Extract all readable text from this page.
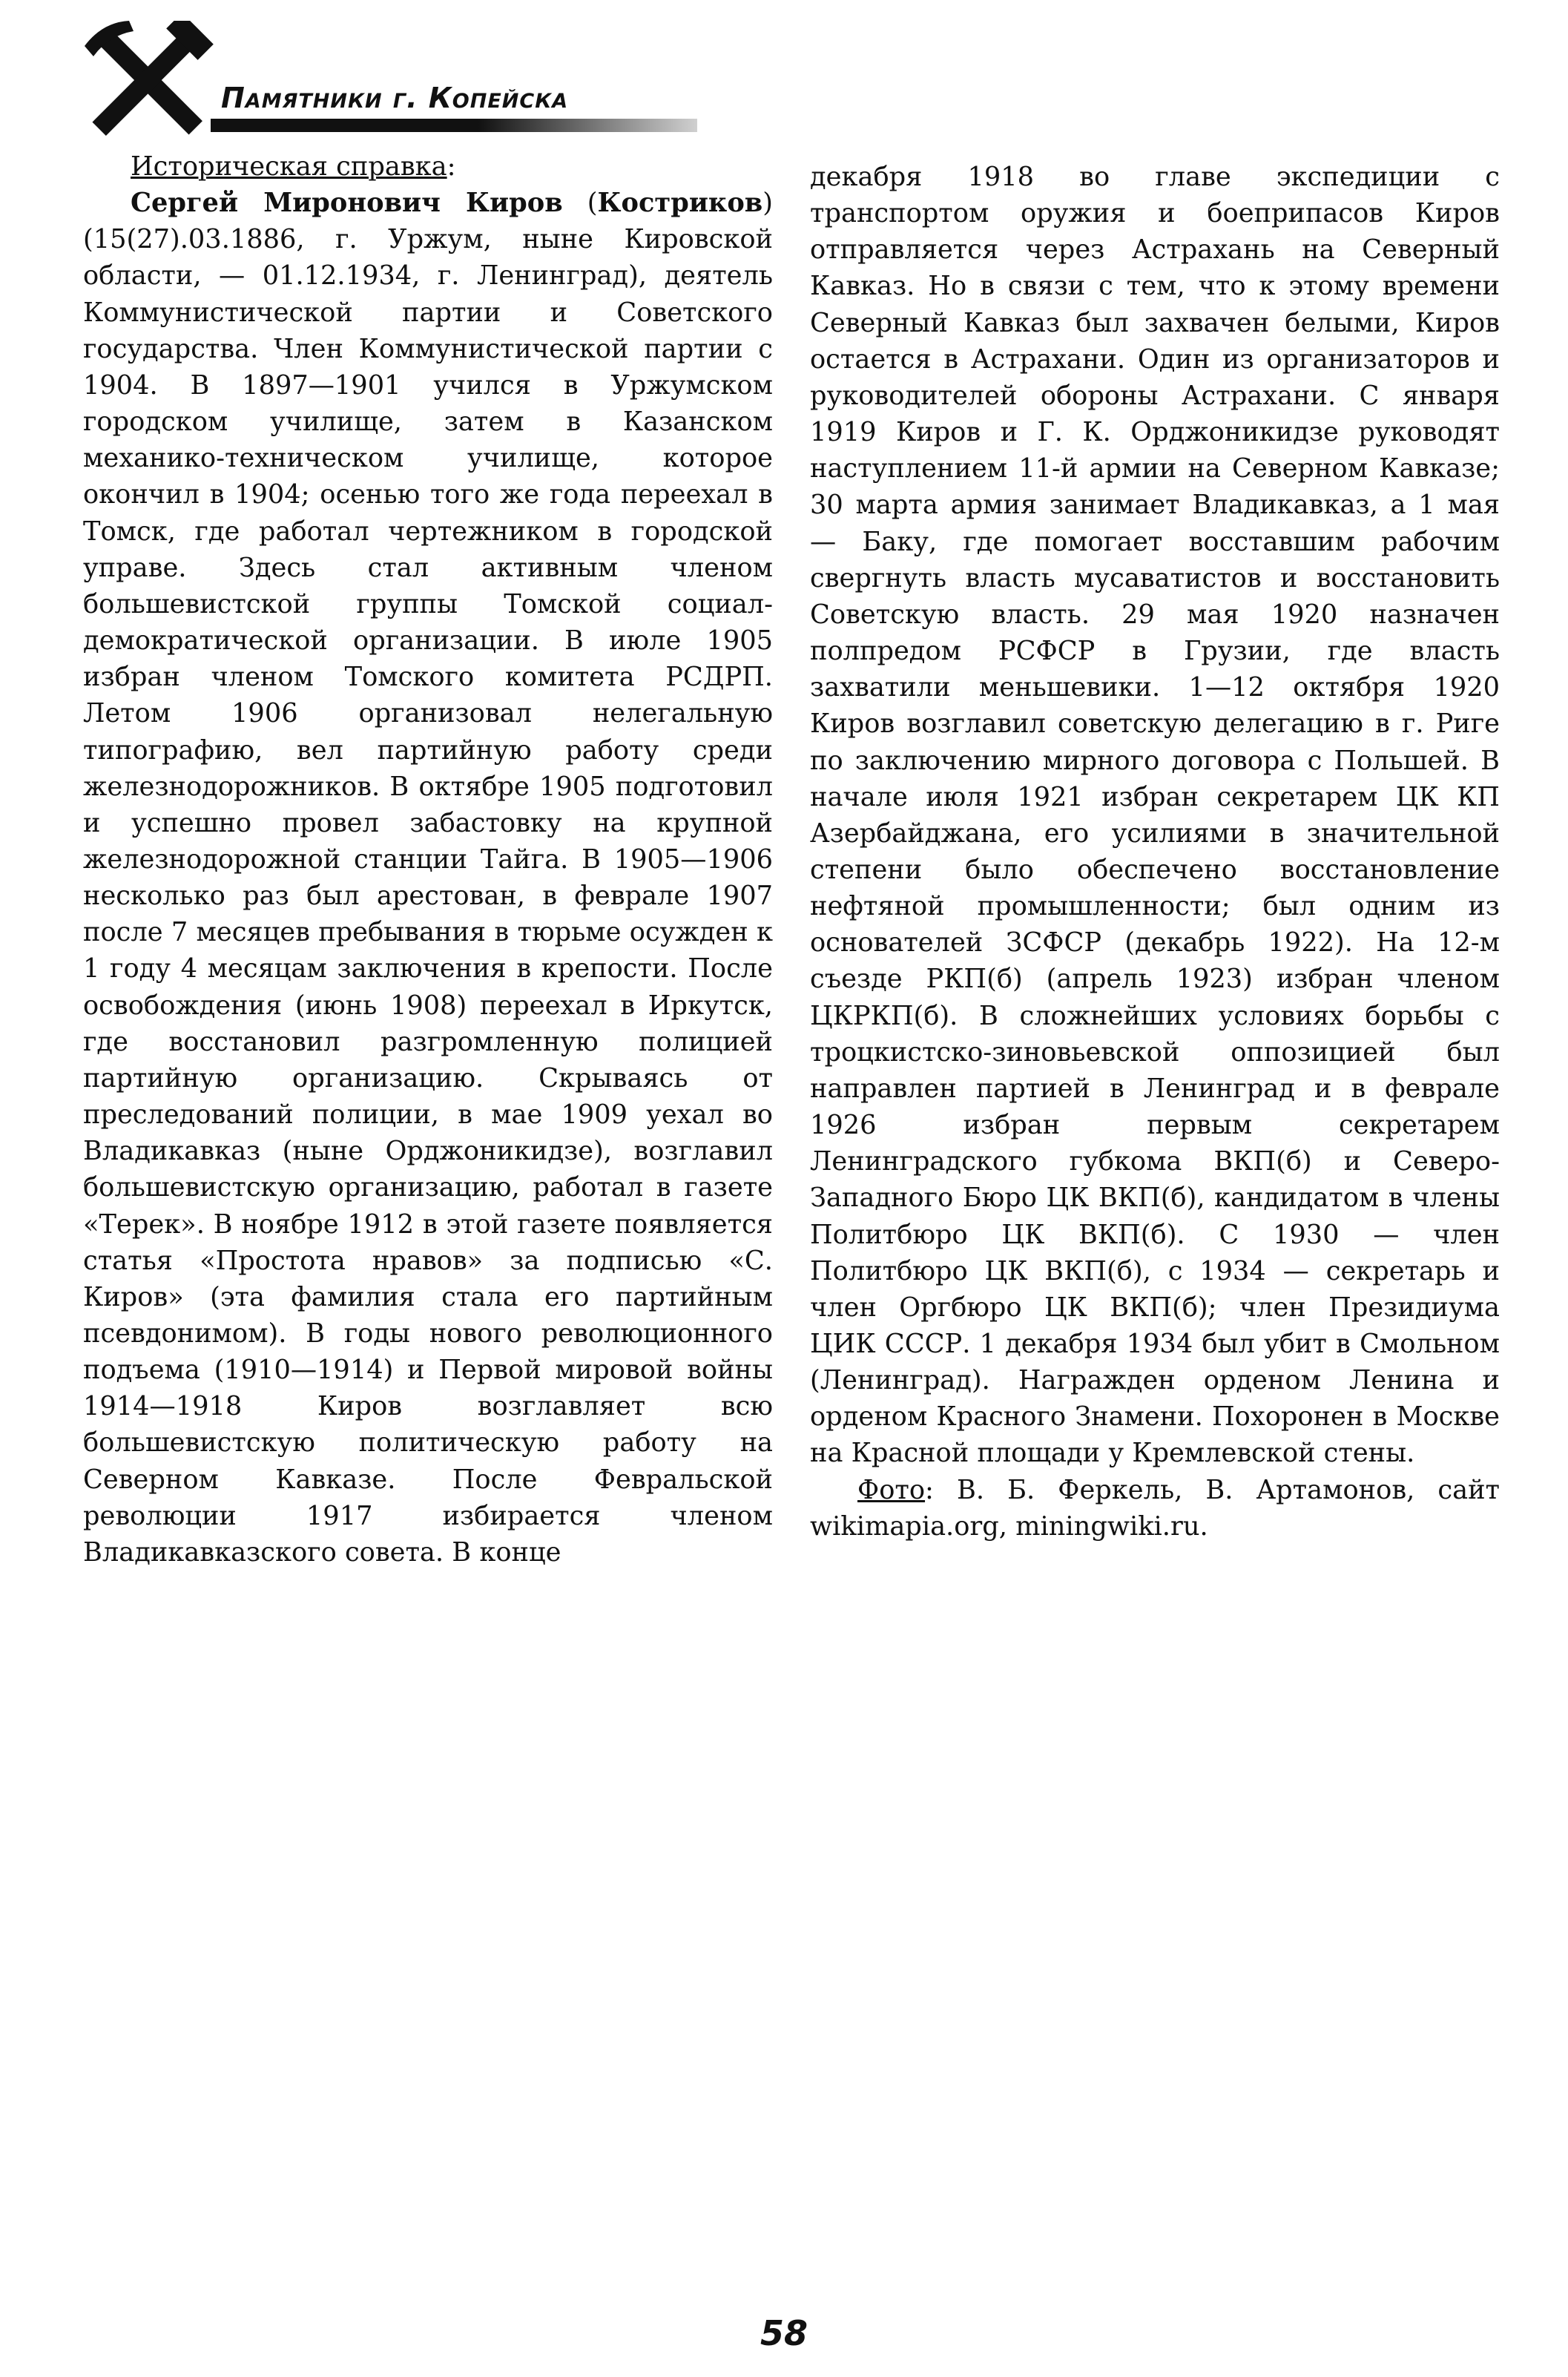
Памятники г. Копейска

Историческая справка:

Сергей Миронович Киров (Костриков) (15(27).03.1886, г. Уржум, ныне Кировской области, — 01.12.1934, г. Ленинград), деятель Коммунистической партии и Советского государства. Член Коммунистической партии с 1904. В 1897—1901 учился в Уржумском городском училище, затем в Казанском механико-техническом училище, которое окончил в 1904; осенью того же года переехал в Томск, где работал чертежником в городской управе. Здесь стал активным членом большевистской группы Томской социал-демократической организации. В июле 1905 избран членом Томского комитета РСДРП. Летом 1906 организовал нелегальную типографию, вел партийную работу среди железнодорожников. В октябре 1905 подготовил и успешно провел забастовку на крупной железнодорожной станции Тайга. В 1905—1906 несколько раз был арестован, в феврале 1907 после 7 месяцев пребывания в тюрьме осужден к 1 году 4 месяцам заключения в крепости. После освобождения (июнь 1908) переехал в Иркутск, где восстановил разгромленную полицией партийную организацию. Скрываясь от преследований полиции, в мае 1909 уехал во Владикавказ (ныне Орджоникидзе), возглавил большевистскую организацию, работал в газете «Терек». В ноябре 1912 в этой газете появляется статья «Простота нравов» за подписью «С. Киров» (эта фамилия стала его партийным псевдонимом). В годы нового революционного подъема (1910—1914) и Первой мировой войны 1914—1918 Киров возглавляет всю большевистскую политическую работу на Северном Кавказе. После Февральской революции 1917 избирается членом Владикавказского совета. В конце

декабря 1918 во главе экспедиции с транспортом оружия и боеприпасов Киров отправляется через Астрахань на Северный Кавказ. Но в связи с тем, что к этому времени Северный Кавказ был захвачен белыми, Киров остается в Астрахани. Один из организаторов и руководителей обороны Астрахани. С января 1919 Киров и Г. К. Орджоникидзе руководят наступлением 11-й армии на Северном Кавказе; 30 марта армия занимает Владикавказ, а 1 мая — Баку, где помогает восставшим рабочим свергнуть власть мусаватистов и восстановить Советскую власть. 29 мая 1920 назначен полпредом РСФСР в Грузии, где власть захватили меньшевики. 1—12 октября 1920 Киров возглавил советскую делегацию в г. Риге по заключению мирного договора с Польшей. В начале июля 1921 избран секретарем ЦК КП Азербайджана, его усилиями в значительной степени было обеспечено восстановление нефтяной промышленности; был одним из основателей ЗСФСР (декабрь 1922). На 12-м съезде РКП(б) (апрель 1923) избран членом ЦКРКП(б). В сложнейших условиях борьбы с троцкистско-зиновьевской оппозицией был направлен партией в Ленинград и в феврале 1926 избран первым секретарем Ленинградского губкома ВКП(б) и Северо-Западного Бюро ЦК ВКП(б), кандидатом в члены Политбюро ЦК ВКП(б). С 1930 — член Политбюро ЦК ВКП(б), с 1934 — секретарь и член Оргбюро ЦК ВКП(б); член Президиума ЦИК СССР. 1 декабря 1934 был убит в Смольном (Ленинград). Награжден орденом Ленина и орденом Красного Знамени. Похоронен в Москве на Красной площади у Кремлевской стены.

Фото: В. Б. Феркель, В. Артамонов, сайт wikimapia.org, miningwiki.ru.

58
